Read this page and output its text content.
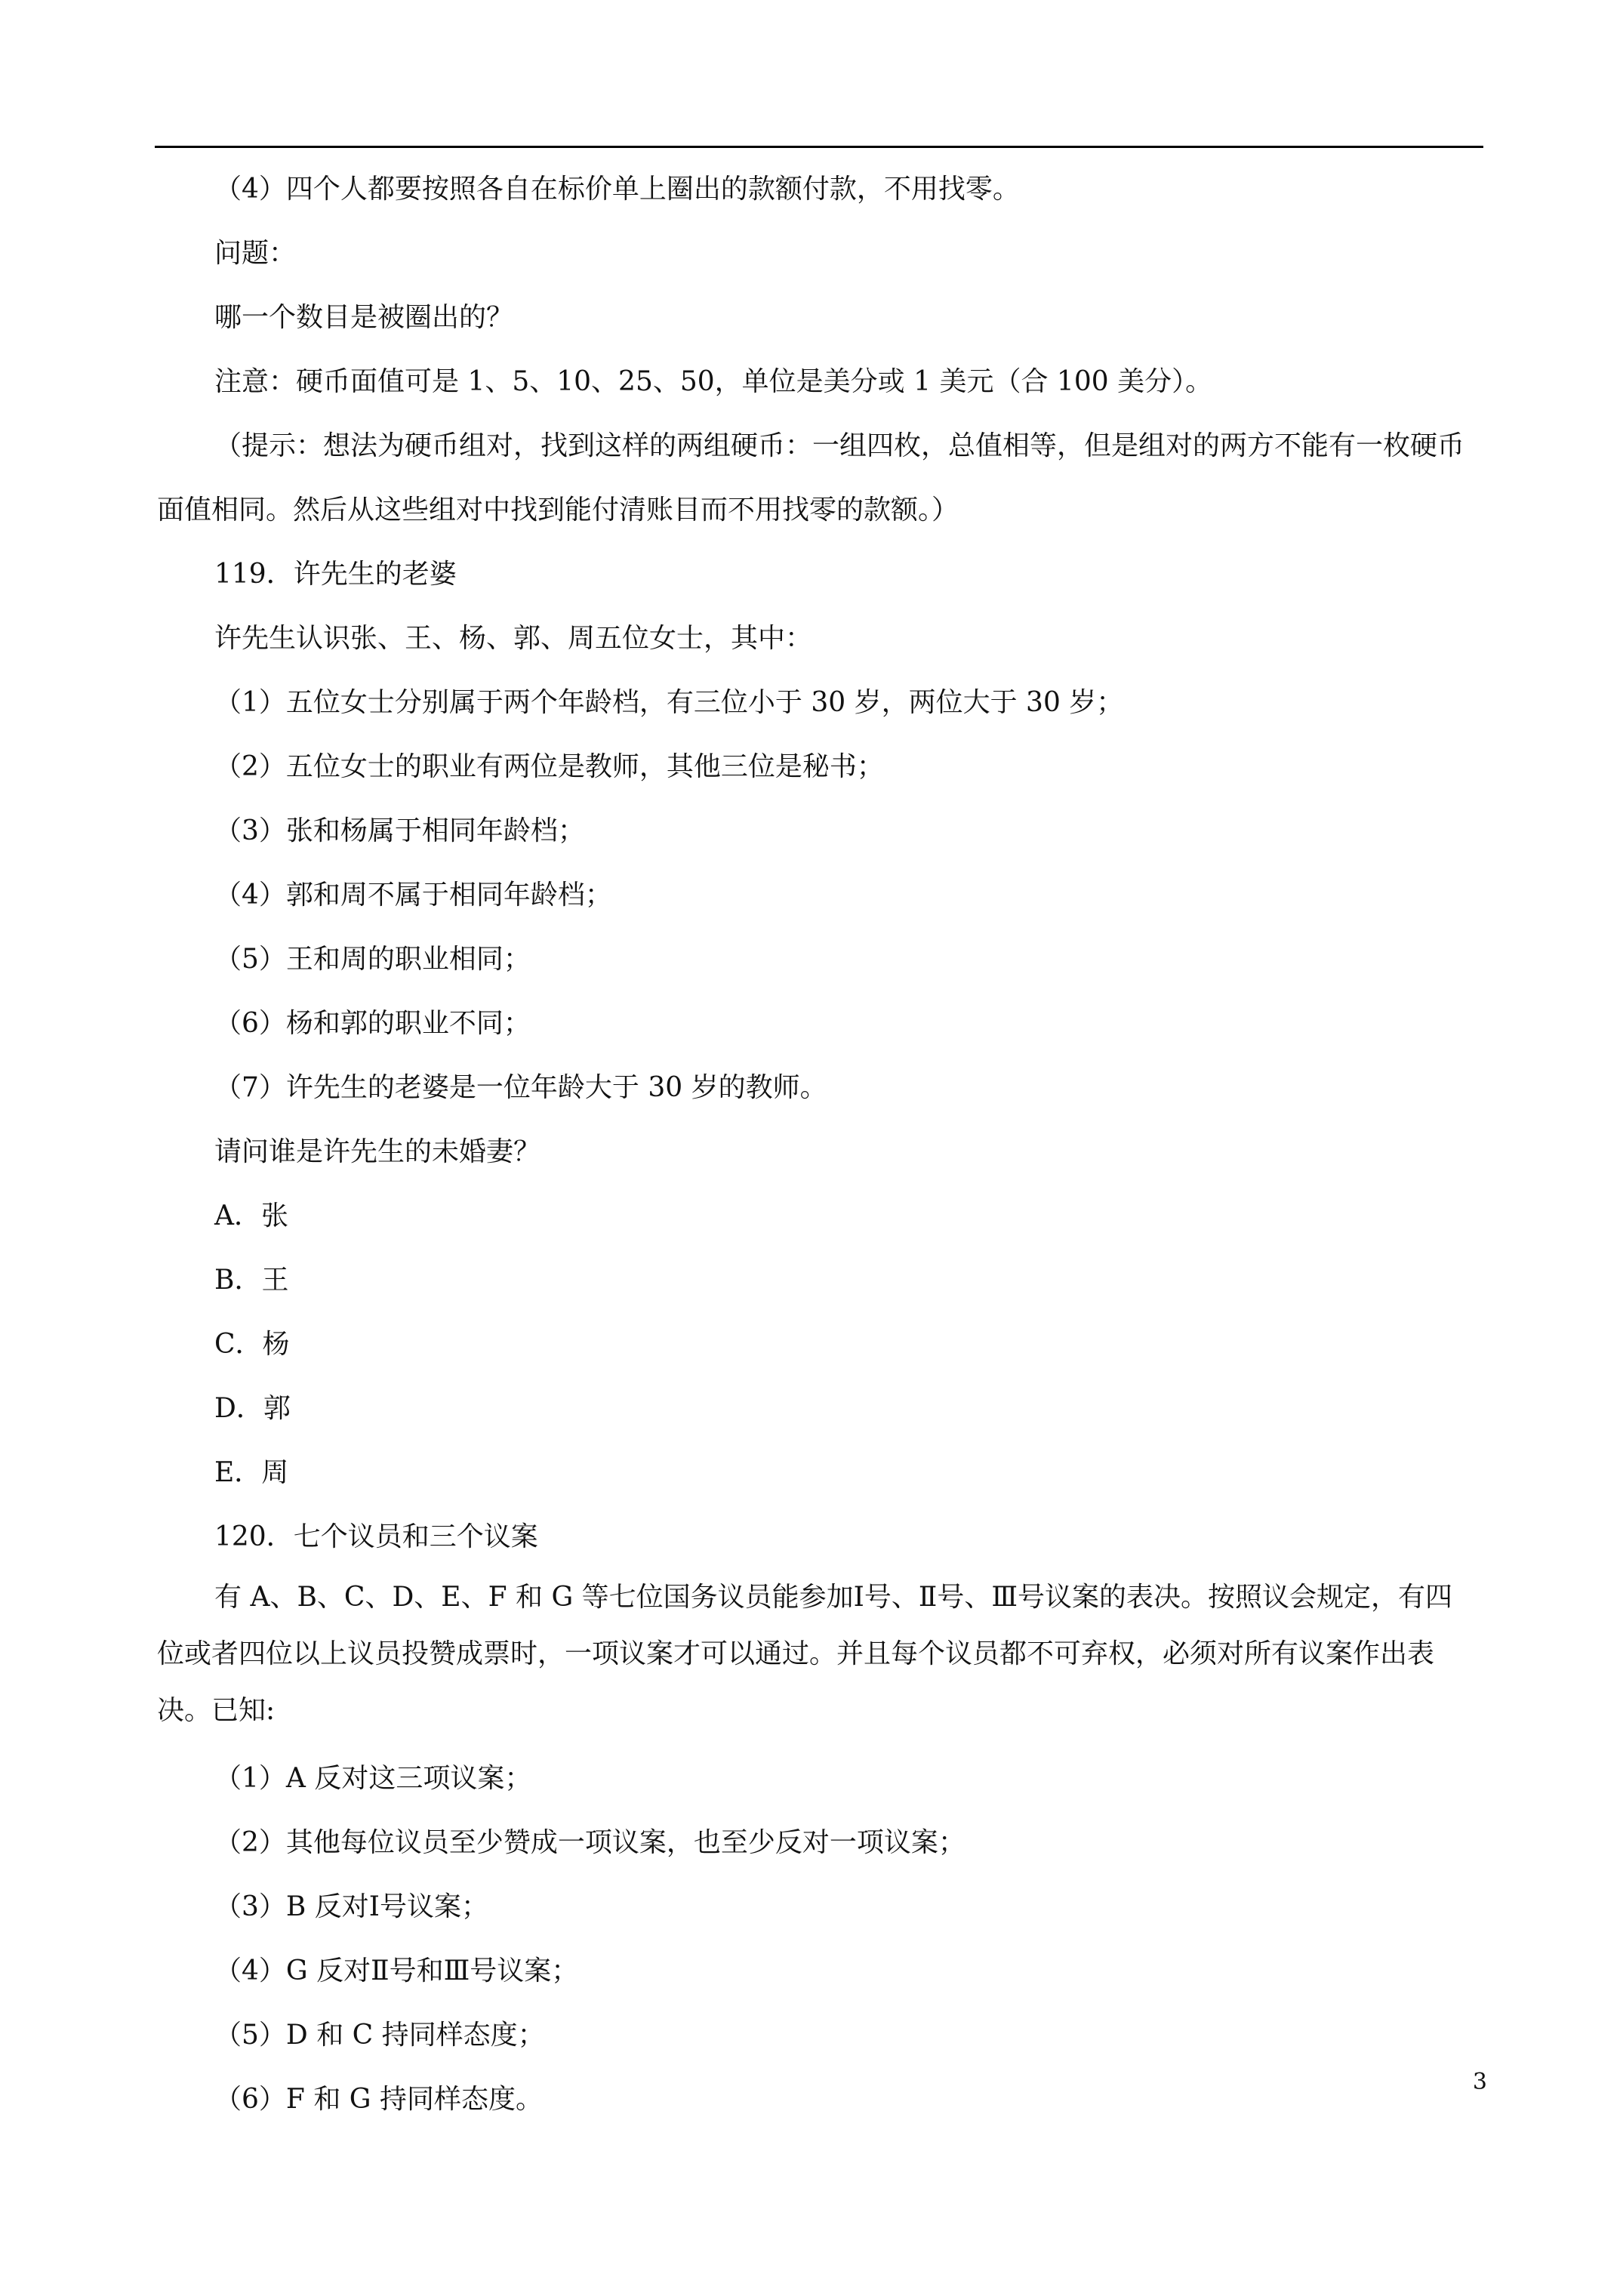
（4）四个人都要按照各自在标价单上圈出的款额付款，不用找零。

问题：

哪一个数目是被圈出的？

注意：硬币面值可是 1、5、10、25、50，单位是美分或 1 美元（合 100 美分）。

（提示：想法为硬币组对，找到这样的两组硬币：一组四枚，总值相等，但是组对的两方不能有一枚硬币面值相同。然后从这些组对中找到能付清账目而不用找零的款额。）

119．许先生的老婆

许先生认识张、王、杨、郭、周五位女士，其中：

（1）五位女士分别属于两个年龄档，有三位小于 30 岁，两位大于 30 岁；

（2）五位女士的职业有两位是教师，其他三位是秘书；

（3）张和杨属于相同年龄档；

（4）郭和周不属于相同年龄档；

（5）王和周的职业相同；

（6）杨和郭的职业不同；

（7）许先生的老婆是一位年龄大于 30 岁的教师。

请问谁是许先生的未婚妻？

A．张

B．王

C．杨

D．郭

E．周

120．七个议员和三个议案

有 A、B、C、D、E、F 和 G 等七位国务议员能参加Ⅰ号、Ⅱ号、Ⅲ号议案的表决。按照议会规定，有四位或者四位以上议员投赞成票时，一项议案才可以通过。并且每个议员都不可弃权，必须对所有议案作出表决。已知:

（1）A 反对这三项议案；

（2）其他每位议员至少赞成一项议案，也至少反对一项议案；

（3）B 反对Ⅰ号议案；

（4）G 反对Ⅱ号和Ⅲ号议案；

（5）D 和 C 持同样态度；

（6）F 和 G 持同样态度。

3
